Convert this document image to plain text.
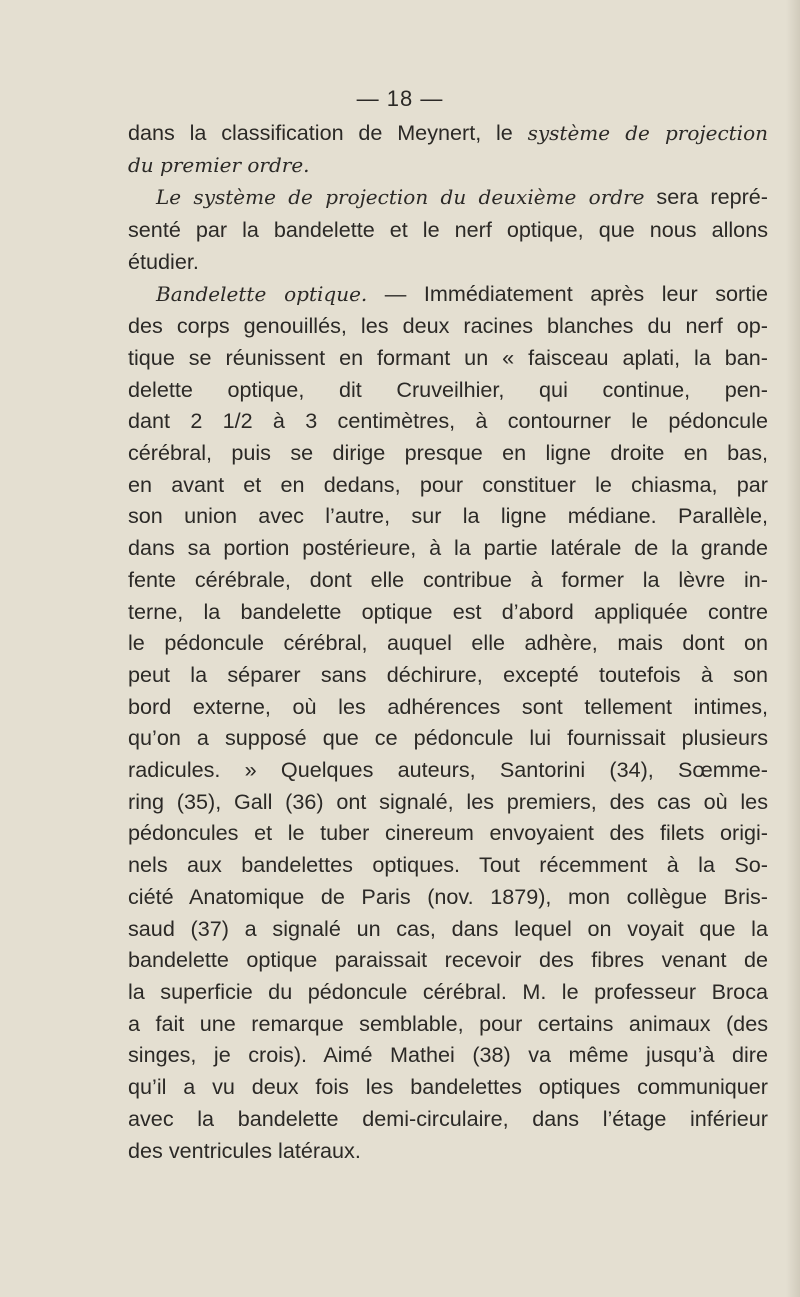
— 18 —
dans la classification de Meynert, le système de projection
du premier ordre.
Le système de projection du deuxième ordre sera repré-
senté par la bandelette et le nerf optique, que nous allons
étudier.
Bandelette optique. — Immédiatement après leur sortie
des corps genouillés, les deux racines blanches du nerf op-
tique se réunissent en formant un « faisceau aplati, la ban-
delette optique, dit Cruveilhier, qui continue, pen-
dant 2 1/2 à 3 centimètres, à contourner le pédoncule
cérébral, puis se dirige presque en ligne droite en bas,
en avant et en dedans, pour constituer le chiasma, par
son union avec l’autre, sur la ligne médiane. Parallèle,
dans sa portion postérieure, à la partie latérale de la grande
fente cérébrale, dont elle contribue à former la lèvre in-
terne, la bandelette optique est d’abord appliquée contre
le pédoncule cérébral, auquel elle adhère, mais dont on
peut la séparer sans déchirure, excepté toutefois à son
bord externe, où les adhérences sont tellement intimes,
qu’on a supposé que ce pédoncule lui fournissait plusieurs
radicules. » Quelques auteurs, Santorini (34), Sœmme-
ring (35), Gall (36) ont signalé, les premiers, des cas où les
pédoncules et le tuber cinereum envoyaient des filets origi-
nels aux bandelettes optiques. Tout récemment à la So-
ciété Anatomique de Paris (nov. 1879), mon collègue Bris-
saud (37) a signalé un cas, dans lequel on voyait que la
bandelette optique paraissait recevoir des fibres venant de
la superficie du pédoncule cérébral. M. le professeur Broca
a fait une remarque semblable, pour certains animaux (des
singes, je crois). Aimé Mathei (38) va même jusqu’à dire
qu’il a vu deux fois les bandelettes optiques communiquer
avec la bandelette demi-circulaire, dans l’étage inférieur
des ventricules latéraux.
